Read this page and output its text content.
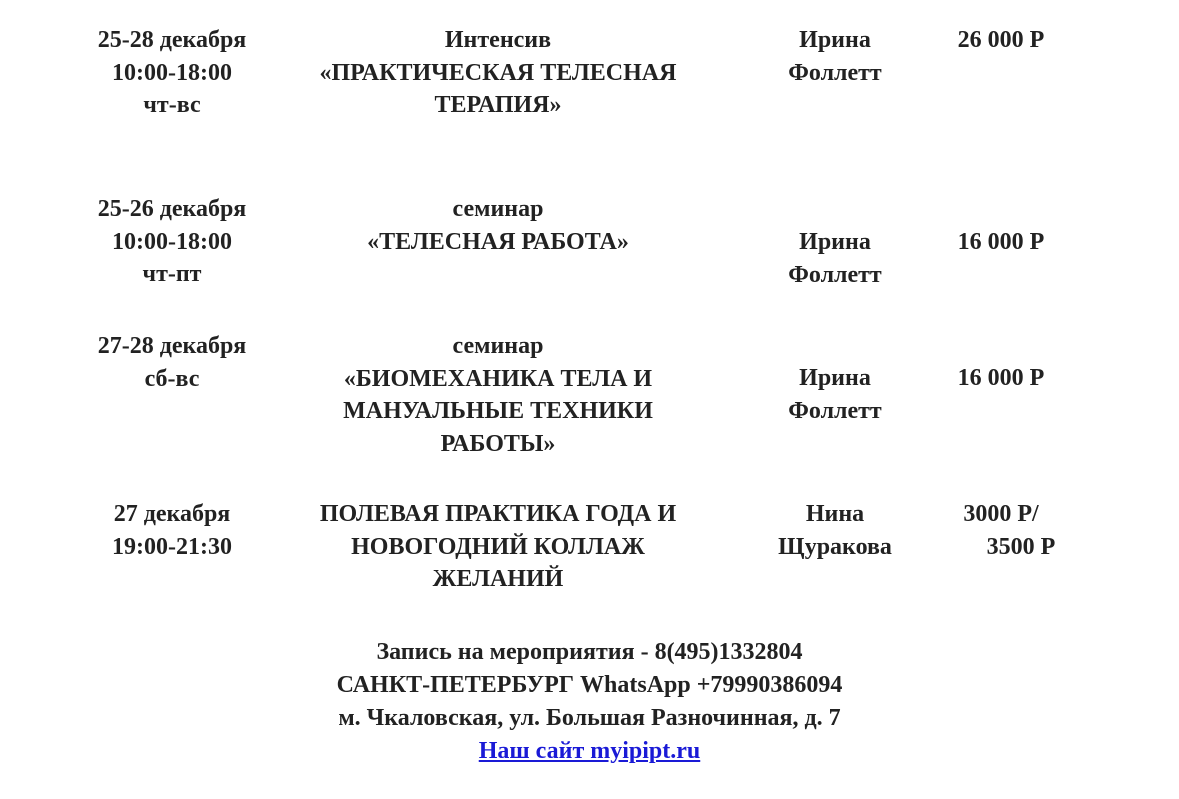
25-28 декабря
10:00-18:00
чт-вс
Интенсив
«ПРАКТИЧЕСКАЯ ТЕЛЕСНАЯ
ТЕРАПИЯ»
Ирина
Фоллетт
26 000 Р
25-26 декабря
10:00-18:00
чт-пт
семинар
«ТЕЛЕСНАЯ РАБОТА»	Ирина
Фоллетт
16 000 Р
27-28 декабря
сб-вс
семинар
«БИОМЕХАНИКА ТЕЛА И
МАНУАЛЬНЫЕ ТЕХНИКИ
РАБОТЫ»
Ирина
Фоллетт
16 000 Р
27 декабря
19:00-21:30
ПОЛЕВАЯ ПРАКТИКА ГОДА И
НОВОГОДНИЙ КОЛЛАЖ
ЖЕЛАНИЙ
Нина
Щуракова
3000 Р/
3500 Р
Запись на мероприятия - 8(495)1332804
САНКТ-ПЕТЕРБУРГ WhatsApp +79990386094
м. Чкаловская, ул. Большая Разночинная, д. 7
Наш сайт myipipt.ru
